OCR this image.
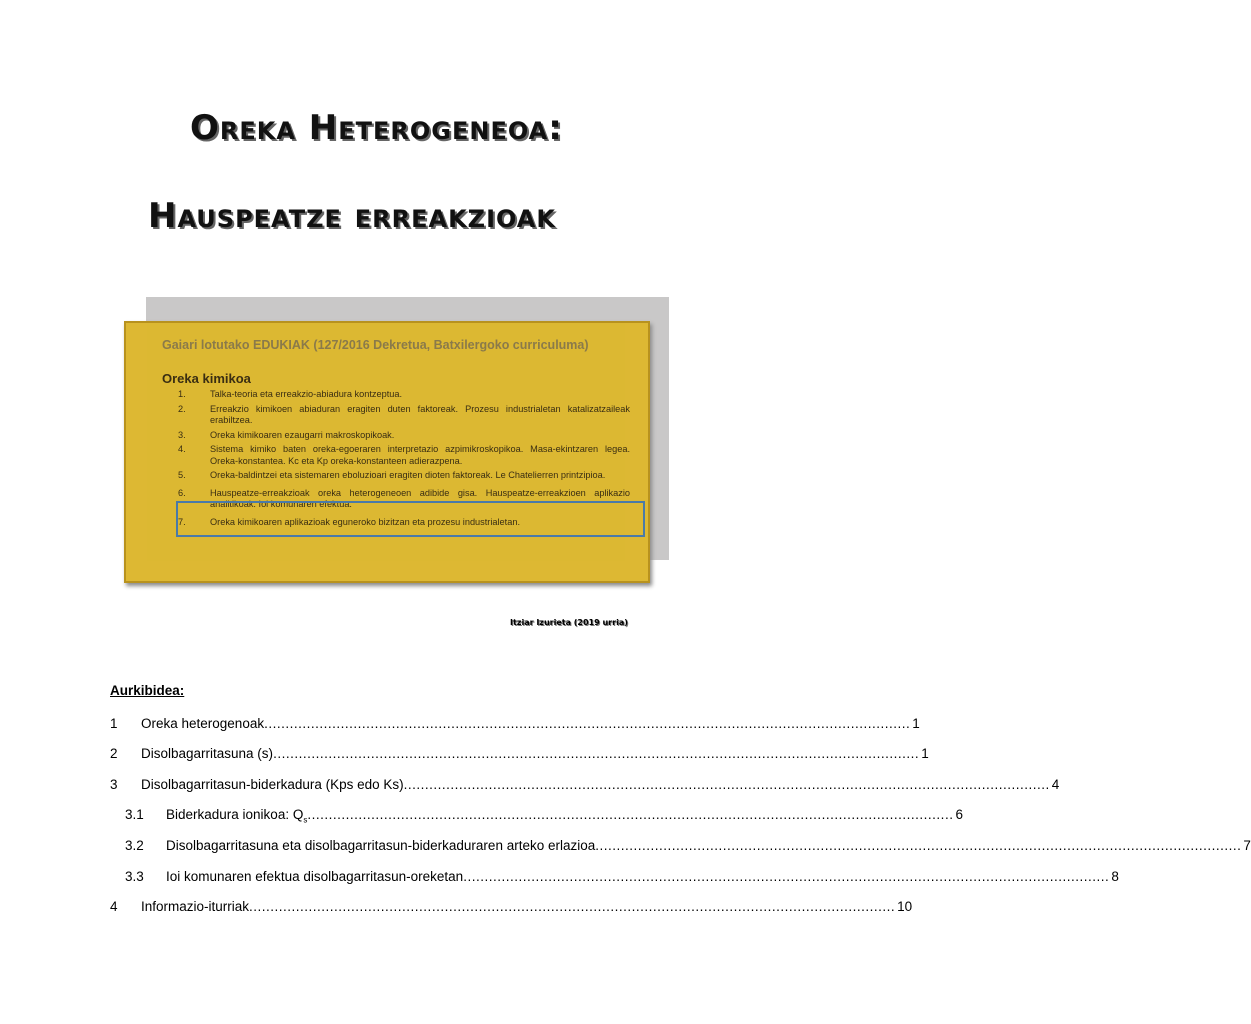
Oreka Heterogeneoa:
Hauspeatze erreakzioak
Gaiari lotutako EDUKIAK (127/2016 Dekretua, Batxilergoko curriculuma)
Oreka kimikoa
1.	Talka-teoria eta erreakzio-abiadura kontzeptua.
2.	Erreakzio kimikoen abiaduran eragiten duten faktoreak. Prozesu industrialetan katalizatzaileak erabiltzea.
3.	Oreka kimikoaren ezaugarri makroskopikoak.
4.	Sistema kimiko baten oreka-egoeraren interpretazio azpimikroskopikoa. Masa-ekintzaren legea. Oreka-konstantea. Kc eta Kp oreka-konstanteen adierazpena.
5.	Oreka-baldintzei eta sistemaren eboluzioari eragiten dioten faktoreak. Le Chatelierren printzipioa.
6.	Hauspeatze-erreakzioak oreka heterogeneoen adibide gisa. Hauspeatze-erreakzioen aplikazio analitikoak. Ioi komunaren efektua.
7.	Oreka kimikoaren aplikazioak eguneroko bizitzan eta prozesu industrialetan.
Itziar Izurieta (2019 urria)
Aurkibidea:
1	Oreka heterogenoak ........................................................................................................................................................ 1
2	Disolbagarritasuna (s) ........................................................................................................................................................ 1
3	Disolbagarritasun-biderkadura (Kps edo Ks) ........................................................................................................................................................ 4
3.1	Biderkadura ionikoa: $Q_s$ ........................................................................................................................................................ 6
3.2	Disolbagarritasuna eta disolbagarritasun-biderkaduraren arteko erlazioa ........................................................................................................................................................ 7
3.3	Ioi komunaren efektua disolbagarritasun-oreketan ........................................................................................................................................................ 8
4	Informazio-iturriak ........................................................................................................................................................ 10
